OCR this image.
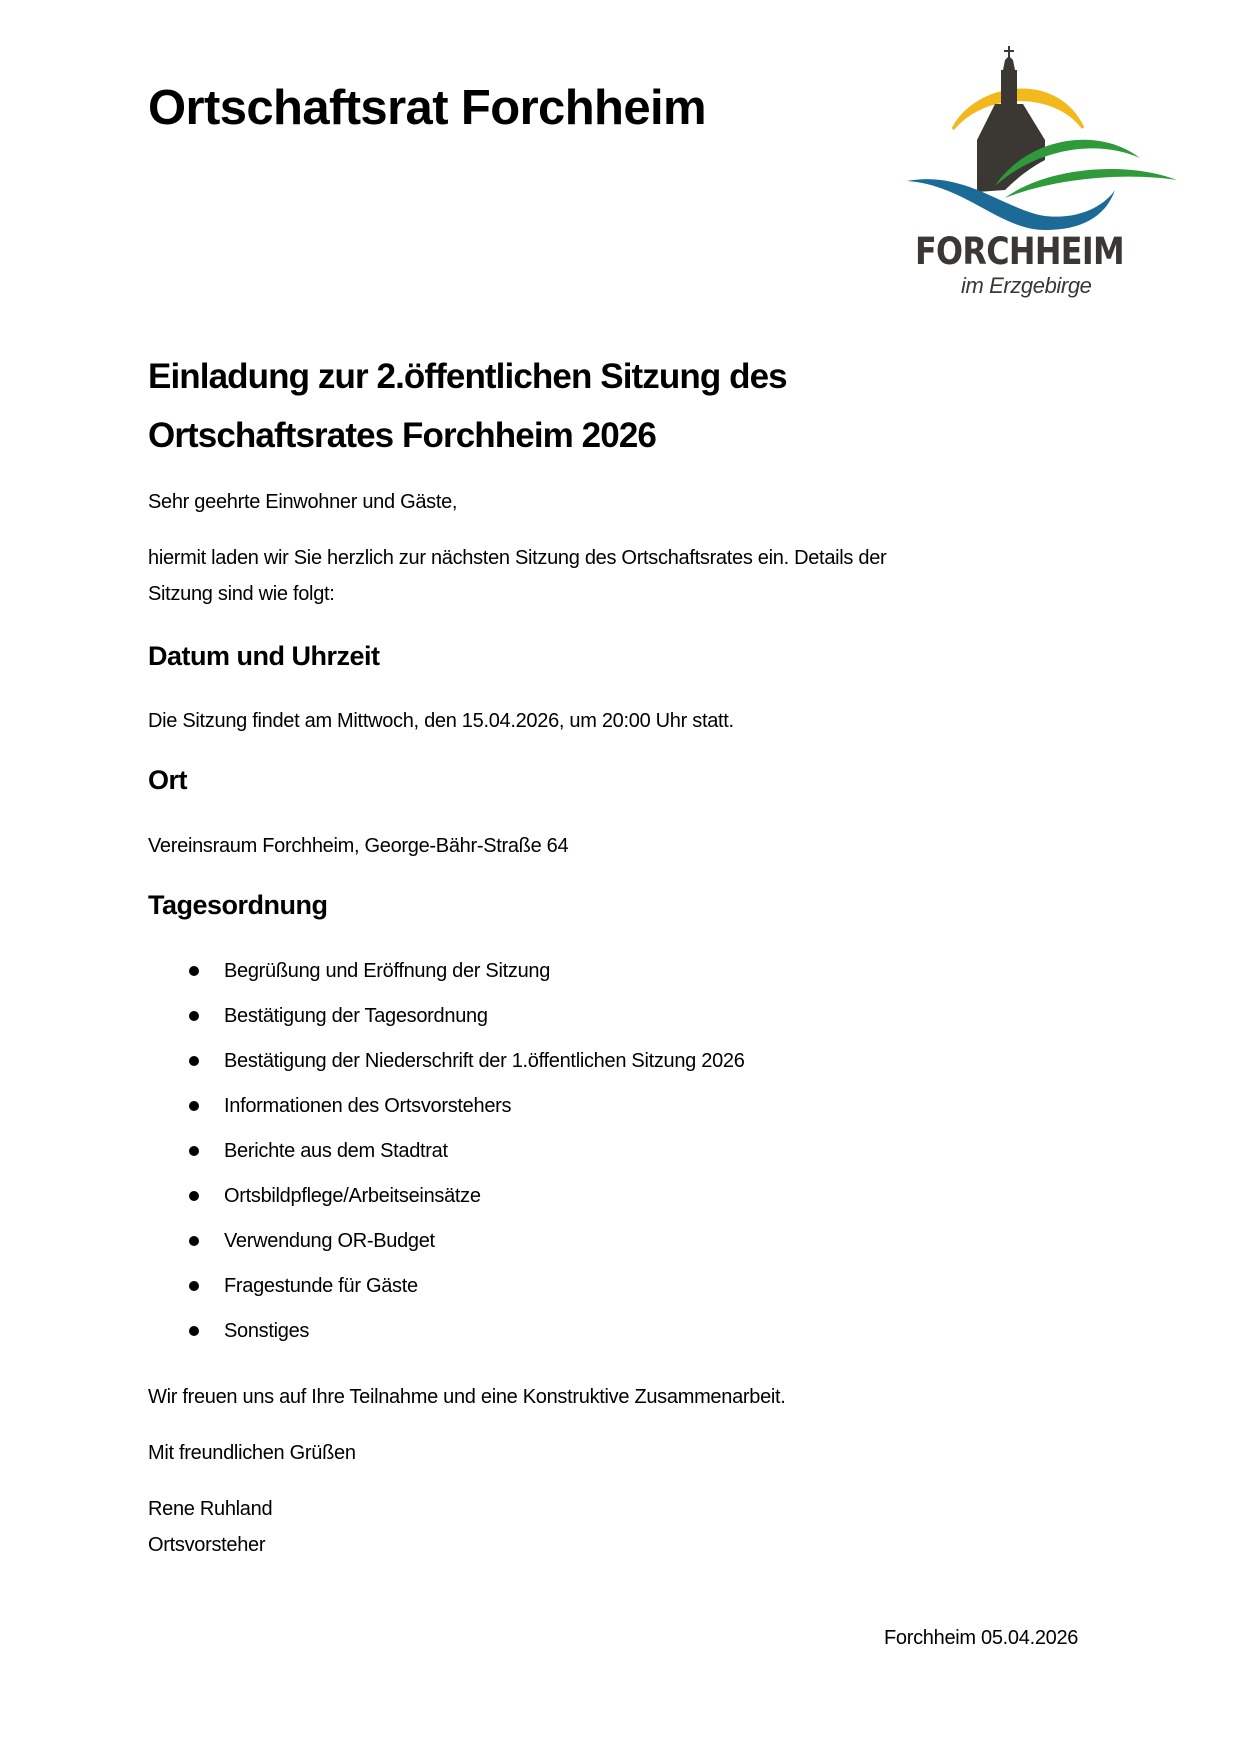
Ortschaftsrat Forchheim
FORCHHEIM
im Erzgebirge
Einladung zur 2.öffentlichen Sitzung des
Ortschaftsrates Forchheim 2026
Sehr geehrte Einwohner und Gäste,
hiermit laden wir Sie herzlich zur nächsten Sitzung des Ortschaftsrates ein. Details der
Sitzung sind wie folgt:
Datum und Uhrzeit
Die Sitzung findet am Mittwoch, den 15.04.2026, um 20:00 Uhr statt.
Ort
Vereinsraum Forchheim, George-Bähr-Straße 64
Tagesordnung
Begrüßung und Eröffnung der Sitzung
Bestätigung der Tagesordnung
Bestätigung der Niederschrift der 1.öffentlichen Sitzung 2026
Informationen des Ortsvorstehers
Berichte aus dem Stadtrat
Ortsbildpflege/Arbeitseinsätze
Verwendung OR-Budget
Fragestunde für Gäste
Sonstiges
Wir freuen uns auf Ihre Teilnahme und eine Konstruktive Zusammenarbeit.
Mit freundlichen Grüßen
Rene Ruhland
Ortsvorsteher
Forchheim 05.04.2026
